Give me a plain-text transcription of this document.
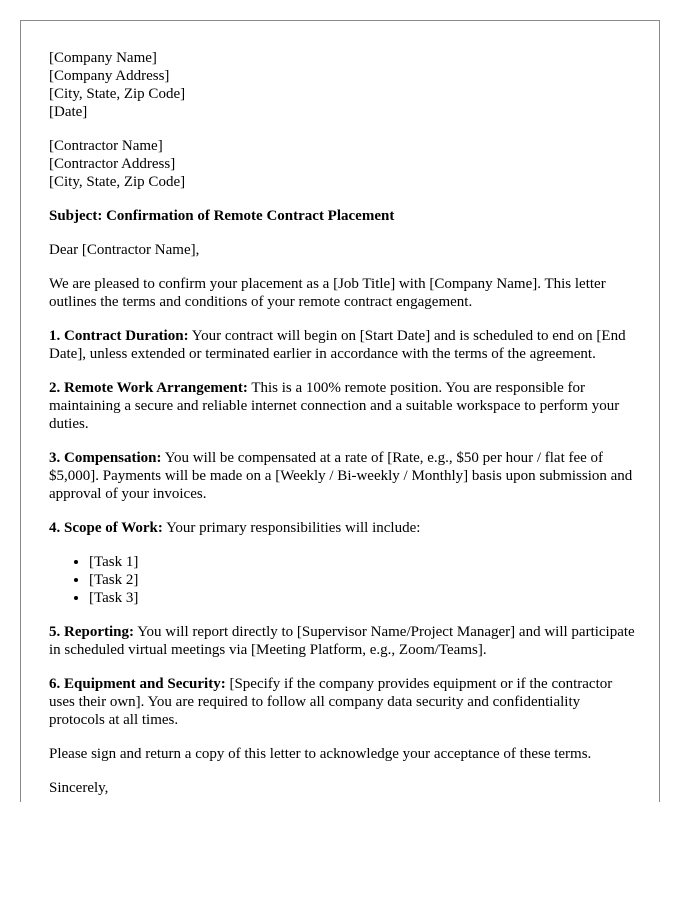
[Company Name]
[Company Address]
[City, State, Zip Code]
[Date]
[Contractor Name]
[Contractor Address]
[City, State, Zip Code]
Subject: Confirmation of Remote Contract Placement

Dear [Contractor Name],

We are pleased to confirm your placement as a [Job Title] with [Company Name]. This letter outlines the terms and conditions of your remote contract engagement.

1. Contract Duration: Your contract will begin on [Start Date] and is scheduled to end on [End Date], unless extended or terminated earlier in accordance with the terms of the agreement.

2. Remote Work Arrangement: This is a 100% remote position. You are responsible for maintaining a secure and reliable internet connection and a suitable workspace to perform your duties.

3. Compensation: You will be compensated at a rate of [Rate, e.g., $50 per hour / flat fee of $5,000]. Payments will be made on a [Weekly / Bi-weekly / Monthly] basis upon submission and approval of your invoices.

4. Scope of Work: Your primary responsibilities will include:

• [Task 1]
• [Task 2]
• [Task 3]

5. Reporting: You will report directly to [Supervisor Name/Project Manager] and will participate in scheduled virtual meetings via [Meeting Platform, e.g., Zoom/Teams].

6. Equipment and Security: [Specify if the company provides equipment or if the contractor uses their own]. You are required to follow all company data security and confidentiality protocols at all times.

Please sign and return a copy of this letter to acknowledge your acceptance of these terms.

Sincerely,
